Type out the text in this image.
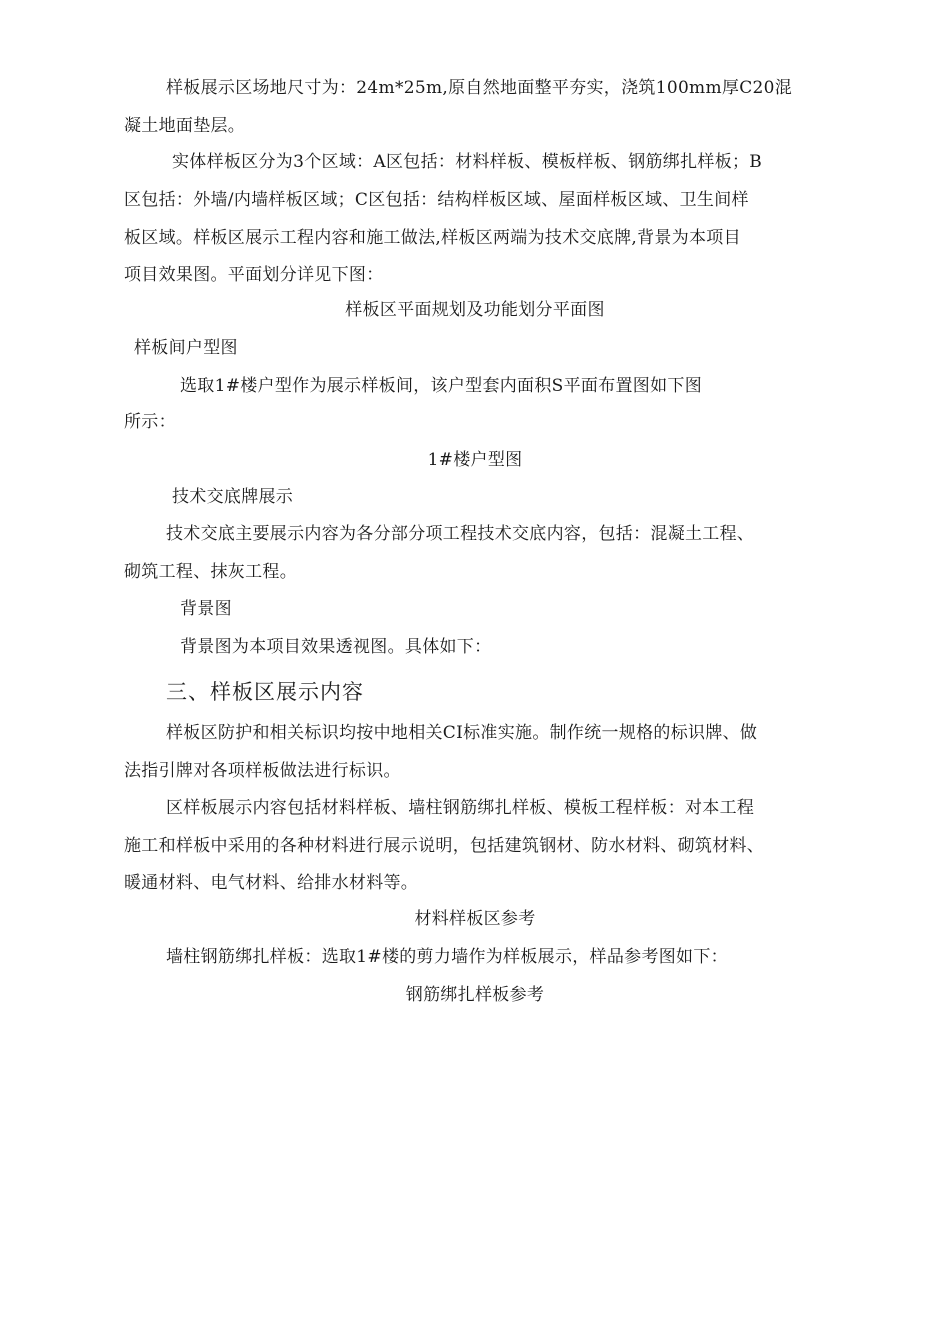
样板展示区场地尺寸为：24m*25m,原自然地面整平夯实，浇筑100mm厚C20混
凝土地面垫层。
实体样板区分为3个区域：A区包括：材料样板、模板样板、钢筋绑扎样板；B
区包括：外墙/内墙样板区域；C区包括：结构样板区域、屋面样板区域、卫生间样
板区域。样板区展示工程内容和施工做法,样板区两端为技术交底牌,背景为本项目
项目效果图。平面划分详见下图：
样板区平面规划及功能划分平面图
样板间户型图
选取1#楼户型作为展示样板间，该户型套内面积S平面布置图如下图
所示：
1#楼户型图
技术交底牌展示
技术交底主要展示内容为各分部分项工程技术交底内容，包括：混凝土工程、
砌筑工程、抹灰工程。
背景图
背景图为本项目效果透视图。具体如下：
三、样板区展示内容
样板区防护和相关标识均按中地相关CI标准实施。制作统一规格的标识牌、做
法指引牌对各项样板做法进行标识。
区样板展示内容包括材料样板、墙柱钢筋绑扎样板、模板工程样板：对本工程
施工和样板中采用的各种材料进行展示说明，包括建筑钢材、防水材料、砌筑材料、
暖通材料、电气材料、给排水材料等。
材料样板区参考
墙柱钢筋绑扎样板：选取1#楼的剪力墙作为样板展示，样品参考图如下：
钢筋绑扎样板参考
